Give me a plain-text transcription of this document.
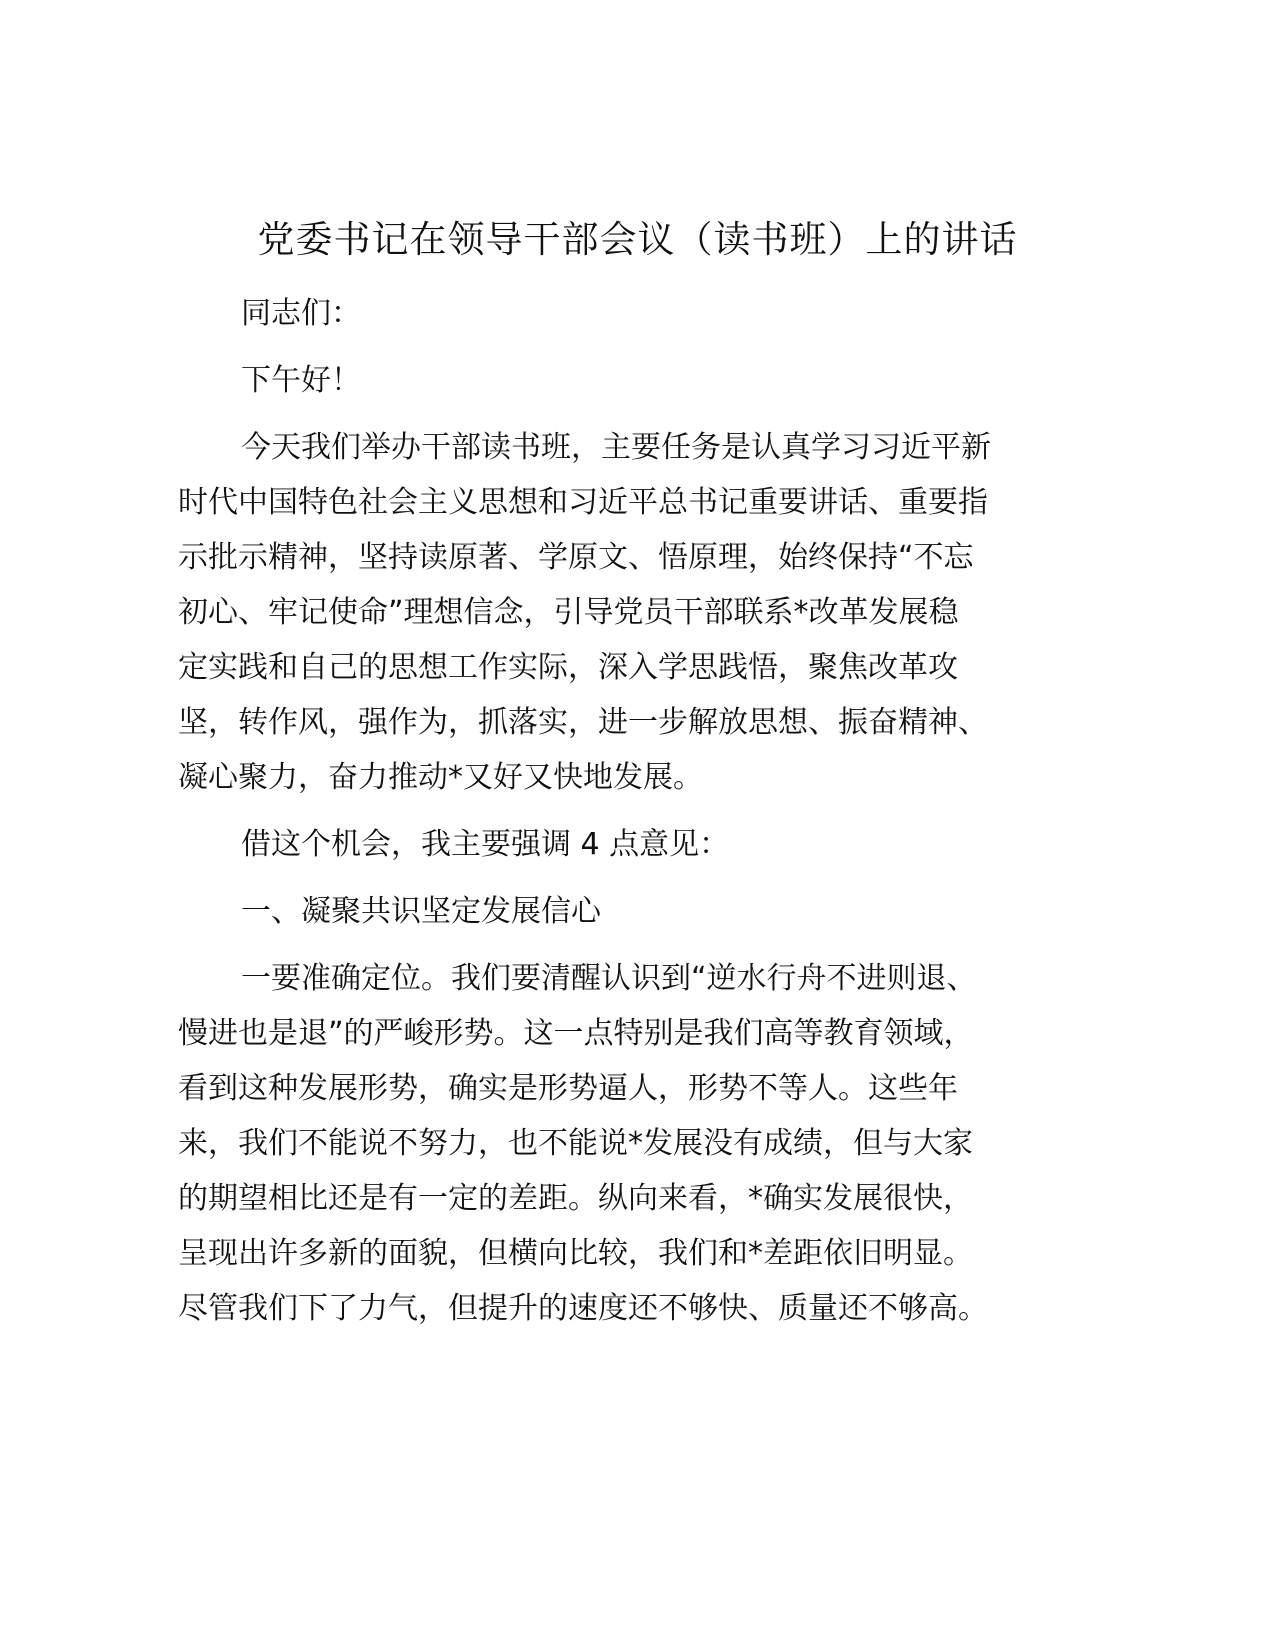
党委书记在领导干部会议（读书班）上的讲话
同志们：
下午好！
今天我们举办干部读书班，主要任务是认真学习习近平新
时代中国特色社会主义思想和习近平总书记重要讲话、重要指
示批示精神，坚持读原著、学原文、悟原理，始终保持“不忘
初心、牢记使命”理想信念，引导党员干部联系*改革发展稳
定实践和自己的思想工作实际，深入学思践悟，聚焦改革攻
坚，转作风，强作为，抓落实，进一步解放思想、振奋精神、
凝心聚力，奋力推动*又好又快地发展。
借这个机会，我主要强调 4 点意见：
一、凝聚共识坚定发展信心
一要准确定位。我们要清醒认识到“逆水行舟不进则退、
慢进也是退”的严峻形势。这一点特别是我们高等教育领域，
看到这种发展形势，确实是形势逼人，形势不等人。这些年
来，我们不能说不努力，也不能说*发展没有成绩，但与大家
的期望相比还是有一定的差距。纵向来看，*确实发展很快，
呈现出许多新的面貌，但横向比较，我们和*差距依旧明显。
尽管我们下了力气，但提升的速度还不够快、质量还不够高。
